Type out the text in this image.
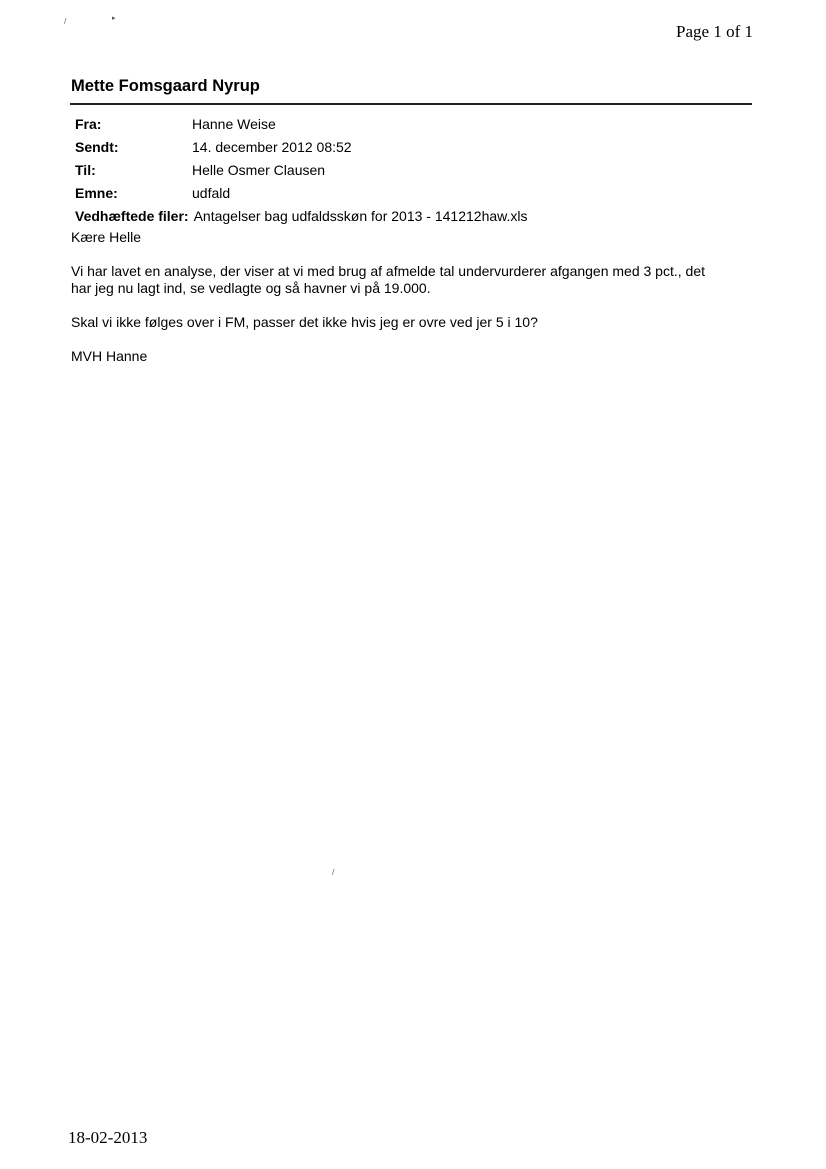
/	▸
/
Page 1 of 1
Mette Fomsgaard Nyrup
Fra:	Hanne Weise
Sendt:	14. december 2012 08:52
Til:	Helle Osmer Clausen
Emne:	udfald
Vedhæftede filer: Antagelser bag udfaldsskøn for 2013 - 141212haw.xls

Kære Helle

Vi har lavet en analyse, der viser at vi med brug af afmelde tal undervurderer afgangen med 3 pct., det
har jeg nu lagt ind, se vedlagte og så havner vi på 19.000.

Skal vi ikke følges over i FM, passer det ikke hvis jeg er ovre ved jer 5 i 10?

MVH Hanne

18-02-2013
